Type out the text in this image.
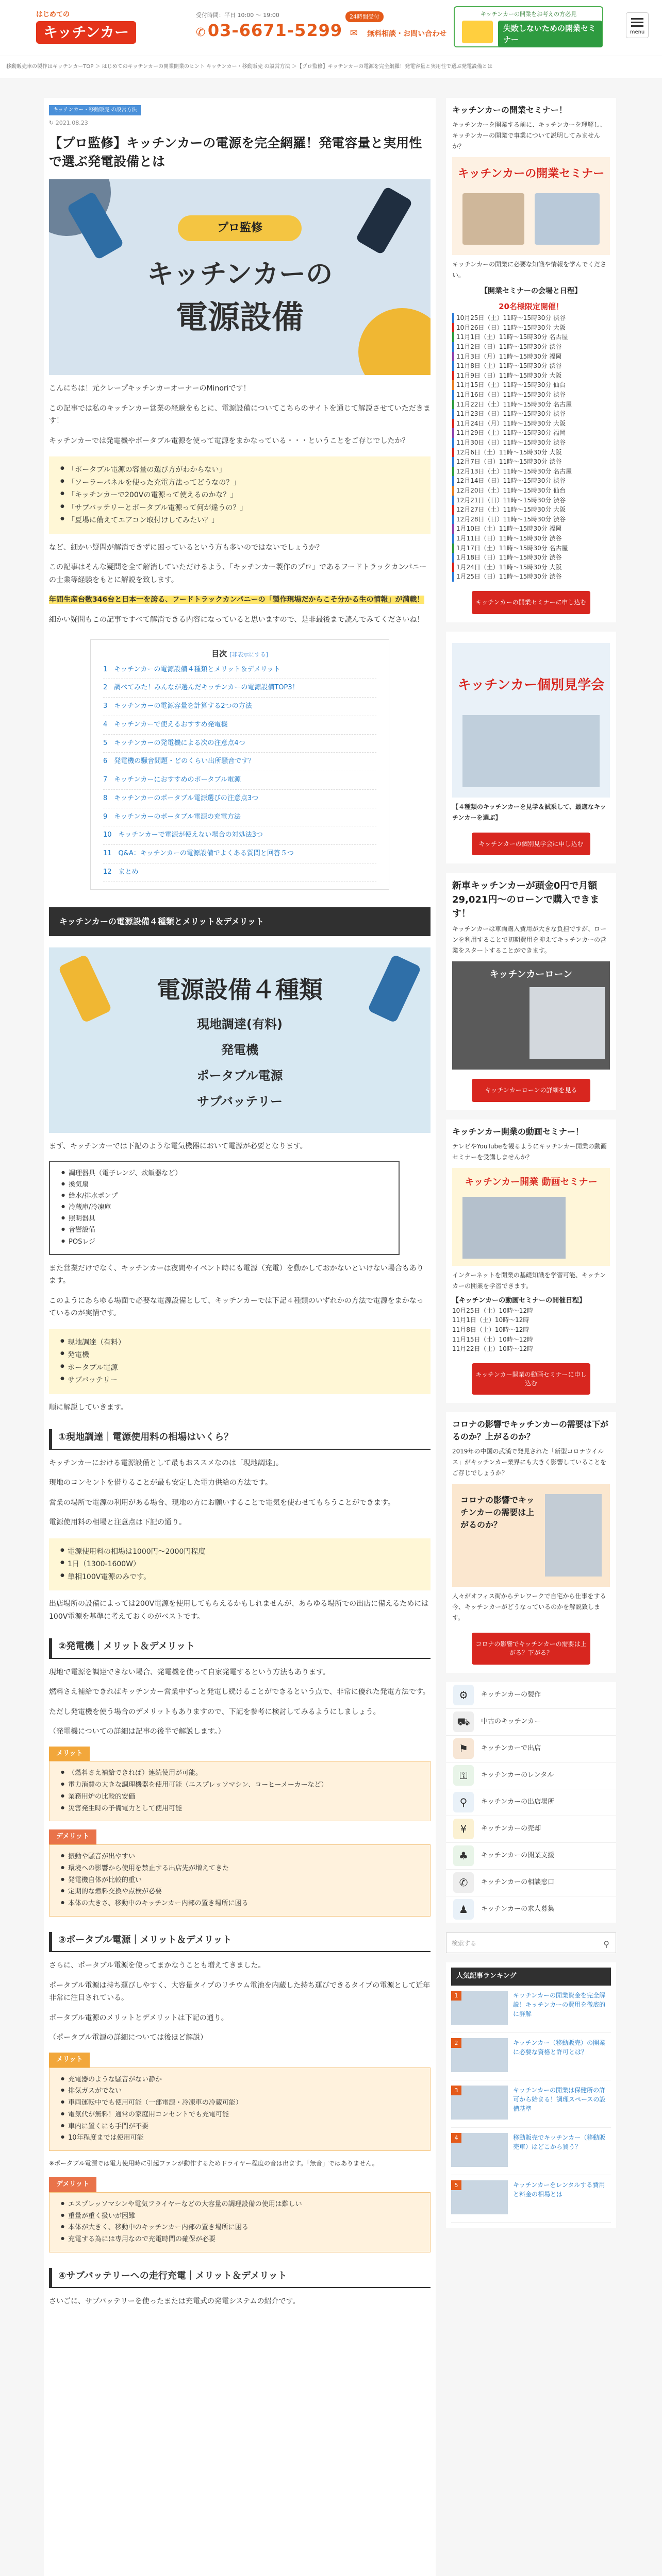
はじめての
キッチンカー
受付時間：平日 10:00 〜 19:00	24時間受付
✆ 03-6671-5299 ✉ 無料相談・お問い合わせ
キッチンカーの開業をお考えの方必見
失敗しないための開業セミナー
menu
移動販売車の製作はキッチンカーTOP ＞ はじめてのキッチンカーの開業開業のヒント キッチンカー・移動販売 の設営方法 ＞【プロ監修】キッチンカーの電源を完全網羅！発電容量と実用性で選ぶ発電設備とは
キッチンカー・移動販売 の設営方法
↻ 2021.08.23
【プロ監修】キッチンカーの電源を完全網羅！発電容量と実用性で選ぶ発電設備とは
プロ監修
キッチンカーの
電源設備

こんにちは！元クレープキッチンカーオーナーのMinoriです！

この記事では私のキッチンカー営業の経験をもとに、電源設備についてこちらのサイトを通じて解説させていただきます！

キッチンカーでは発電機やポータブル電源を使って電源をまかなっている・・・ということをご存じでしたか？

● 「ポータブル電源の容量の選び方がわからない」
● 「ソーラーパネルを使った充電方法ってどうなの？」
● 「キッチンカーで200Vの電源って使えるのかな？」
● 「サブバッテリーとポータブル電源って何が違うの？」
● 「夏場に備えてエアコン取付けしてみたい？」

など、細かい疑問が解消できずに困っているという方も多いのではないでしょうか？

この記事はそんな疑問を全て解消していただけるよう、「キッチンカー製作のプロ」であるフードトラックカンパニーの士業等経験をもとに解説を致します。

年間生産台数346台と日本一を誇る、フードトラックカンパニーの「製作現場だからこそ分かる生の情報」が満載！

細かい疑問もこの記事ですべて解消できる内容になっていると思いますので、是非最後まで読んでみてくださいね！

目次 [非表示にする]
1　キッチンカーの電源設備４種類とメリット＆デメリット
2　調べてみた！みんなが選んだキッチンカーの電源設備TOP3！
3　キッチンカーの電源容量を計算する2つの方法
4　キッチンカーで使えるおすすめ発電機
5　キッチンカーの発電機による次の注意点4つ
6　発電機の騒音問題・どのくらい出所騒音です？
7　キッチンカーにおすすめのポータブル電源
8　キッチンカーのポータブル電源選びの注意点3つ
9　キッチンカーのポータブル電源の充電方法
10　キッチンカーで電源が使えない場合の対処法3つ
11　Q&A：キッチンカーの電源設備でよくある質問と回答５つ
12　まとめ
キッチンカーの電源設備４種類とメリット＆デメリット
電源設備４種類
現地調達(有料)
発電機
ポータブル電源
サブバッテリー

まず、キッチンカーでは下記のような電気機器において電源が必要となります。

● 調理器具（電子レンジ、炊飯器など）
● 換気扇
● 給水/排水ポンプ
● 冷蔵庫/冷凍庫
● 照明器具
● 音響設備
● POSレジ

また営業だけでなく、キッチンカーは夜間やイベント時にも電源（充電）を動かしておかないといけない場合もあります。

このようにあらゆる場面で必要な電源設備として、キッチンカーでは下記４種類のいずれかの方法で電源をまかなっているのが実情です。

● 現地調達（有料）
● 発電機
● ポータブル電源
● サブバッテリー

順に解説していきます。

①現地調達｜電源使用料の相場はいくら？

キッチンカーにおける電源設備として最もおススメなのは「現地調達」。

現地のコンセントを借りることが最も安定した電力供給の方法です。

営業の場所で電源の利用がある場合、現地の方にお願いすることで電気を使わせてもらうことができます。

電源使用料の相場と注意点は下記の通り。

● 電源使用料の相場は1000円〜2000円程度
● 1日（1300-1600W）
● 単相100V電源のみです。

出店場所の設備によっては200V電源を使用してもらえるかもしれませんが、あらゆる場所での出店に備えるためには100V電源を基準に考えておくのがベストです。

②発電機｜メリット＆デメリット

現地で電源を調達できない場合、発電機を使って自家発電するという方法もあります。

燃料さえ補給できればキッチンカー営業中ずっと発電し続けることができるという点で、非常に優れた発電方法です。

ただし発電機を使う場合のデメリットもありますので、下記を参考に検討してみるようにしましょう。

（発電機についての詳細は記事の後半で解説します。）

メリット
● （燃料さえ補給できれば）連続使用が可能。
● 電力消費の大きな調理機器を使用可能（エスプレッソマシン、コーヒーメーカーなど）
● 業務用炉の比較的安価
● 災害発生時の予備電力として使用可能
デメリット
● 振動や騒音が出やすい
● 環境への影響から使用を禁止する出店先が増えてきた
● 発電機自体が比較的重い
● 定期的な燃料交換や点検が必要
● 本体の大きさ、移動中のキッチンカー内部の置き場所に困る
③ポータブル電源｜メリット＆デメリット

さらに、ポータブル電源を使ってまかなうことも増えてきました。

ポータブル電源は持ち運びしやすく、大容量タイプのリチウム電池を内蔵した持ち運びできるタイプの電源として近年非常に注目されている。

ポータブル電源のメリットとデメリットは下記の通り。

（ポータブル電源の詳細については後ほど解説）

メリット
● 充電器のような騒音がない静か
● 排気ガスがでない
● 車両運転中でも使用可能（一部電源・冷凍車の冷蔵可能）
● 電気代が無料！通常の家庭用コンセントでも充電可能
● 車内に置くにも手間が不要
● 10年程度までは使用可能

※ポータブル電源では電力使用時に引起ファンが動作するためドライヤー程度の音は出ます。「無音」ではありません。

デメリット
● エスプレッソマシンや電気フライヤーなどの大容量の調理設備の使用は難しい
● 重量が重く扱いが困難
● 本体が大きく、移動中のキッチンカー内部の置き場所に困る
● 充電する為には専用なので充電時間の確保が必要
④サブバッテリーへの走行充電｜メリット＆デメリット

さいごに、サブバッテリーを使ったまたは充電式の発電システムの紹介です。

キッチンカーの開業セミナー！

キッチンカーを開業する前に、キッチンカーを理解し、キッチンカーの開業で事業について説明してみませんか？

キッチンカーの開業セミナー

キッチンカーの開業に必要な知識や情報を学んでください。

【開業セミナーの会場と日程】
20名様限定開催！
10月25日（土）11時〜15時30分 渋谷
10月26日（日）11時〜15時30分 大阪
11月1日（土）11時〜15時30分 名古屋
11月2日（日）11時〜15時30分 渋谷
11月3日（月）11時〜15時30分 福岡
11月8日（土）11時〜15時30分 渋谷
11月9日（日）11時〜15時30分 大阪
11月15日（土）11時〜15時30分 仙台
11月16日（日）11時〜15時30分 渋谷
11月22日（土）11時〜15時30分 名古屋
11月23日（日）11時〜15時30分 渋谷
11月24日（月）11時〜15時30分 大阪
11月29日（土）11時〜15時30分 福岡
11月30日（日）11時〜15時30分 渋谷
12月6日（土）11時〜15時30分 大阪
12月7日（日）11時〜15時30分 渋谷
12月13日（土）11時〜15時30分 名古屋
12月14日（日）11時〜15時30分 渋谷
12月20日（土）11時〜15時30分 仙台
12月21日（日）11時〜15時30分 渋谷
12月27日（土）11時〜15時30分 大阪
12月28日（日）11時〜15時30分 渋谷
1月10日（土）11時〜15時30分 福岡
1月11日（日）11時〜15時30分 渋谷
1月17日（土）11時〜15時30分 名古屋
1月18日（日）11時〜15時30分 渋谷
1月24日（土）11時〜15時30分 大阪
1月25日（日）11時〜15時30分 渋谷
キッチンカーの開業セミナーに申し込む
キッチンカー個別見学会

【４種類のキッチンカーを見学＆試乗して、最適なキッチンカーを選ぶ】

キッチンカーの個別見学会に申し込む
新車キッチンカーが頭金0円で月額29,021円〜のローンで購入できます！

キッチンカーは車両購入費用が大きな負担ですが、ローンを利用することで初期費用を抑えてキッチンカーの営業をスタートすることができます。

キッチンカーローン
キッチンカーローンの詳細を見る
キッチンカー開業の動画セミナー！

テレビやYouTubeを観るようにキッチンカー開業の動画セミナーを受講しませんか？

キッチンカー開業 動画セミナー

インターネットを開業の基礎知識を学習可能、キッチンカーの開業を学習できます。

【キッチンカーの動画セミナーの開催日程】
10月25日（土）10時〜12時
11月1日（土）10時〜12時
11月8日（土）10時〜12時
11月15日（土）10時〜12時
11月22日（土）10時〜12時
キッチンカー開業の動画セミナーに申し込む
コロナの影響でキッチンカーの需要は下がるのか？上がるのか？

2019年の中国の武漢で発見された「新型コロナウイルス」がキッチンカー業界にも大きく影響していることをご存じでしょうか？

コロナの影響でキッチンカーの需要は上がるのか？

人々がオフィス街からテレワークで自宅から仕事をする今、キッチンカーがどうなっているのかを解説致します。

コロナの影響でキッチンカーの需要は上がる？下がる？
⚙	キッチンカーの製作
⛟	中古のキッチンカー
⚑	キッチンカーで出店
⚿	キッチンカーのレンタル
⚲	キッチンカーの出店場所
¥	キッチンカーの売却
♣	キッチンカーの開業支援
✆	キッチンカーの相談窓口
♟	キッチンカーの求人募集
検索する	⚲
人気記事ランキング
1	キッチンカーの開業資金を完全解説！キッチンカーの費用を徹底的に詳解
2	キッチンカー（移動販売）の開業に必要な資格と許可とは？
3	キッチンカーの開業は保健所の許可から始まる！調理スペースの設備基準
4	移動販売でキッチンカー（移動販売車）はどこから買う？
5	キッチンカーをレンタルする費用と料金の相場とは
